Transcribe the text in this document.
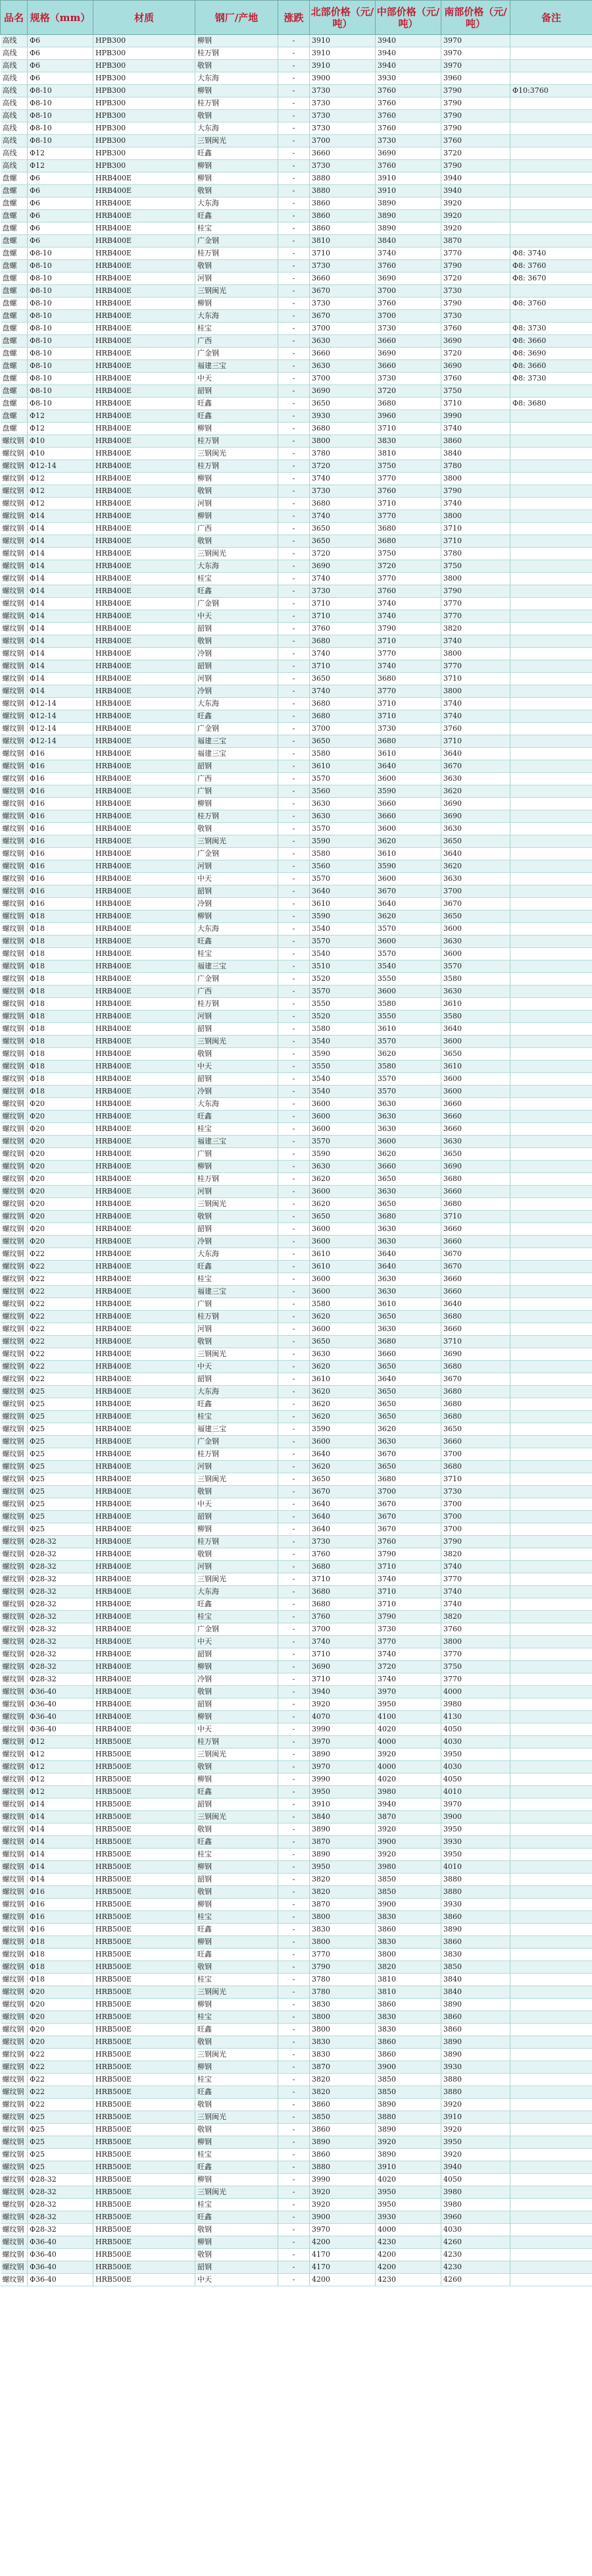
品名	规格（mm）	材质	钢厂/产地	涨跌	北部价格（元/吨）	中部价格（元/吨）	南部价格（元/吨）	备注
高线	Φ6	HPB300	柳钢	-	3910	3940	3970	
高线	Φ6	HPB300	桂万钢	-	3910	3940	3970	
高线	Φ6	HPB300	敬钢	-	3910	3940	3970	
高线	Φ6	HPB300	大东海	-	3900	3930	3960	
高线	Φ8-10	HPB300	柳钢	-	3730	3760	3790	Φ10:3760
高线	Φ8-10	HPB300	桂万钢	-	3730	3760	3790	
高线	Φ8-10	HPB300	敬钢	-	3730	3760	3790	
高线	Φ8-10	HPB300	大东海	-	3730	3760	3790	
高线	Φ8-10	HPB300	三钢闽光	-	3700	3730	3760	
高线	Φ12	HPB300	旺鑫	-	3660	3690	3720	
高线	Φ12	HPB300	柳钢	-	3730	3760	3790	
盘螺	Φ6	HRB400E	柳钢	-	3880	3910	3940	
盘螺	Φ6	HRB400E	敬钢	-	3880	3910	3940	
盘螺	Φ6	HRB400E	大东海	-	3860	3890	3920	
盘螺	Φ6	HRB400E	旺鑫	-	3860	3890	3920	
盘螺	Φ6	HRB400E	桂宝	-	3860	3890	3920	
盘螺	Φ6	HRB400E	广金钢	-	3810	3840	3870	
盘螺	Φ8-10	HRB400E	桂万钢	-	3710	3740	3770	Φ8: 3740
盘螺	Φ8-10	HRB400E	敬钢	-	3730	3760	3790	Φ8: 3760
盘螺	Φ8-10	HRB400E	河钢	-	3660	3690	3720	Φ8: 3670
盘螺	Φ8-10	HRB400E	三钢闽光	-	3670	3700	3730	
盘螺	Φ8-10	HRB400E	柳钢	-	3730	3760	3790	Φ8: 3760
盘螺	Φ8-10	HRB400E	大东海	-	3670	3700	3730	
盘螺	Φ8-10	HRB400E	桂宝	-	3700	3730	3760	Φ8: 3730
盘螺	Φ8-10	HRB400E	广西	-	3630	3660	3690	Φ8: 3660
盘螺	Φ8-10	HRB400E	广金钢	-	3660	3690	3720	Φ8: 3690
盘螺	Φ8-10	HRB400E	福建三宝	-	3630	3660	3690	Φ8: 3660
盘螺	Φ8-10	HRB400E	中天	-	3700	3730	3760	Φ8: 3730
盘螺	Φ8-10	HRB400E	韶钢	-	3690	3720	3750	
盘螺	Φ8-10	HRB400E	旺鑫	-	3650	3680	3710	Φ8: 3680
盘螺	Φ12	HRB400E	旺鑫	-	3930	3960	3990	
盘螺	Φ12	HRB400E	柳钢	-	3680	3710	3740	
螺纹钢	Φ10	HRB400E	桂万钢	-	3800	3830	3860	
螺纹钢	Φ10	HRB400E	三钢闽光	-	3780	3810	3840	
螺纹钢	Φ12-14	HRB400E	桂万钢	-	3720	3750	3780	
螺纹钢	Φ12	HRB400E	柳钢	-	3740	3770	3800	
螺纹钢	Φ12	HRB400E	敬钢	-	3730	3760	3790	
螺纹钢	Φ12	HRB400E	河钢	-	3680	3710	3740	
螺纹钢	Φ14	HRB400E	柳钢	-	3740	3770	3800	
螺纹钢	Φ14	HRB400E	广西	-	3650	3680	3710	
螺纹钢	Φ14	HRB400E	敬钢	-	3650	3680	3710	
螺纹钢	Φ14	HRB400E	三钢闽光	-	3720	3750	3780	
螺纹钢	Φ14	HRB400E	大东海	-	3690	3720	3750	
螺纹钢	Φ14	HRB400E	桂宝	-	3740	3770	3800	
螺纹钢	Φ14	HRB400E	旺鑫	-	3730	3760	3790	
螺纹钢	Φ14	HRB400E	广金钢	-	3710	3740	3770	
螺纹钢	Φ14	HRB400E	中天	-	3710	3740	3770	
螺纹钢	Φ14	HRB400E	韶钢	-	3760	3790	3820	
螺纹钢	Φ14	HRB400E	敬钢	-	3680	3710	3740	
螺纹钢	Φ14	HRB400E	冷钢	-	3740	3770	3800	
螺纹钢	Φ14	HRB400E	韶钢	-	3710	3740	3770	
螺纹钢	Φ14	HRB400E	河钢	-	3650	3680	3710	
螺纹钢	Φ14	HRB400E	冷钢	-	3740	3770	3800	
螺纹钢	Φ12-14	HRB400E	大东海	-	3680	3710	3740	
螺纹钢	Φ12-14	HRB400E	旺鑫	-	3680	3710	3740	
螺纹钢	Φ12-14	HRB400E	广金钢	-	3700	3730	3760	
螺纹钢	Φ12-14	HRB400E	福建三宝	-	3650	3680	3710	
螺纹钢	Φ16	HRB400E	福建三宝	-	3580	3610	3640	
螺纹钢	Φ16	HRB400E	韶钢	-	3610	3640	3670	
螺纹钢	Φ16	HRB400E	广西	-	3570	3600	3630	
螺纹钢	Φ16	HRB400E	广钢	-	3560	3590	3620	
螺纹钢	Φ16	HRB400E	柳钢	-	3630	3660	3690	
螺纹钢	Φ16	HRB400E	桂万钢	-	3630	3660	3690	
螺纹钢	Φ16	HRB400E	敬钢	-	3570	3600	3630	
螺纹钢	Φ16	HRB400E	三钢闽光	-	3590	3620	3650	
螺纹钢	Φ16	HRB400E	广金钢	-	3580	3610	3640	
螺纹钢	Φ16	HRB400E	河钢	-	3560	3590	3620	
螺纹钢	Φ16	HRB400E	中天	-	3570	3600	3630	
螺纹钢	Φ16	HRB400E	韶钢	-	3640	3670	3700	
螺纹钢	Φ16	HRB400E	冷钢	-	3610	3640	3670	
螺纹钢	Φ18	HRB400E	柳钢	-	3590	3620	3650	
螺纹钢	Φ18	HRB400E	大东海	-	3540	3570	3600	
螺纹钢	Φ18	HRB400E	旺鑫	-	3570	3600	3630	
螺纹钢	Φ18	HRB400E	桂宝	-	3540	3570	3600	
螺纹钢	Φ18	HRB400E	福建三宝	-	3510	3540	3570	
螺纹钢	Φ18	HRB400E	广金钢	-	3520	3550	3580	
螺纹钢	Φ18	HRB400E	广西	-	3570	3600	3630	
螺纹钢	Φ18	HRB400E	桂万钢	-	3550	3580	3610	
螺纹钢	Φ18	HRB400E	河钢	-	3520	3550	3580	
螺纹钢	Φ18	HRB400E	韶钢	-	3580	3610	3640	
螺纹钢	Φ18	HRB400E	三钢闽光	-	3540	3570	3600	
螺纹钢	Φ18	HRB400E	敬钢	-	3590	3620	3650	
螺纹钢	Φ18	HRB400E	中天	-	3550	3580	3610	
螺纹钢	Φ18	HRB400E	韶钢	-	3540	3570	3600	
螺纹钢	Φ18	HRB400E	冷钢	-	3540	3570	3600	
螺纹钢	Φ20	HRB400E	大东海	-	3600	3630	3660	
螺纹钢	Φ20	HRB400E	旺鑫	-	3600	3630	3660	
螺纹钢	Φ20	HRB400E	桂宝	-	3600	3630	3660	
螺纹钢	Φ20	HRB400E	福建三宝	-	3570	3600	3630	
螺纹钢	Φ20	HRB400E	广钢	-	3590	3620	3650	
螺纹钢	Φ20	HRB400E	柳钢	-	3630	3660	3690	
螺纹钢	Φ20	HRB400E	桂万钢	-	3620	3650	3680	
螺纹钢	Φ20	HRB400E	河钢	-	3600	3630	3660	
螺纹钢	Φ20	HRB400E	三钢闽光	-	3620	3650	3680	
螺纹钢	Φ20	HRB400E	敬钢	-	3650	3680	3710	
螺纹钢	Φ20	HRB400E	韶钢	-	3600	3630	3660	
螺纹钢	Φ20	HRB400E	冷钢	-	3600	3630	3660	
螺纹钢	Φ22	HRB400E	大东海	-	3610	3640	3670	
螺纹钢	Φ22	HRB400E	旺鑫	-	3610	3640	3670	
螺纹钢	Φ22	HRB400E	桂宝	-	3600	3630	3660	
螺纹钢	Φ22	HRB400E	福建三宝	-	3600	3630	3660	
螺纹钢	Φ22	HRB400E	广钢	-	3580	3610	3640	
螺纹钢	Φ22	HRB400E	桂万钢	-	3620	3650	3680	
螺纹钢	Φ22	HRB400E	河钢	-	3600	3630	3660	
螺纹钢	Φ22	HRB400E	敬钢	-	3650	3680	3710	
螺纹钢	Φ22	HRB400E	三钢闽光	-	3630	3660	3690	
螺纹钢	Φ22	HRB400E	中天	-	3620	3650	3680	
螺纹钢	Φ22	HRB400E	韶钢	-	3610	3640	3670	
螺纹钢	Φ25	HRB400E	大东海	-	3620	3650	3680	
螺纹钢	Φ25	HRB400E	旺鑫	-	3620	3650	3680	
螺纹钢	Φ25	HRB400E	桂宝	-	3620	3650	3680	
螺纹钢	Φ25	HRB400E	福建三宝	-	3590	3620	3650	
螺纹钢	Φ25	HRB400E	广金钢	-	3600	3630	3660	
螺纹钢	Φ25	HRB400E	桂万钢	-	3640	3670	3700	
螺纹钢	Φ25	HRB400E	河钢	-	3620	3650	3680	
螺纹钢	Φ25	HRB400E	三钢闽光	-	3650	3680	3710	
螺纹钢	Φ25	HRB400E	敬钢	-	3670	3700	3730	
螺纹钢	Φ25	HRB400E	中天	-	3640	3670	3700	
螺纹钢	Φ25	HRB400E	韶钢	-	3640	3670	3700	
螺纹钢	Φ25	HRB400E	柳钢	-	3640	3670	3700	
螺纹钢	Φ28-32	HRB400E	桂万钢	-	3730	3760	3790	
螺纹钢	Φ28-32	HRB400E	敬钢	-	3760	3790	3820	
螺纹钢	Φ28-32	HRB400E	河钢	-	3680	3710	3740	
螺纹钢	Φ28-32	HRB400E	三钢闽光	-	3710	3740	3770	
螺纹钢	Φ28-32	HRB400E	大东海	-	3680	3710	3740	
螺纹钢	Φ28-32	HRB400E	旺鑫	-	3680	3710	3740	
螺纹钢	Φ28-32	HRB400E	桂宝	-	3760	3790	3820	
螺纹钢	Φ28-32	HRB400E	广金钢	-	3700	3730	3760	
螺纹钢	Φ28-32	HRB400E	中天	-	3740	3770	3800	
螺纹钢	Φ28-32	HRB400E	韶钢	-	3710	3740	3770	
螺纹钢	Φ28-32	HRB400E	柳钢	-	3690	3720	3750	
螺纹钢	Φ28-32	HRB400E	冷钢	-	3710	3740	3770	
螺纹钢	Φ36-40	HRB400E	敬钢	-	3940	3970	4000	
螺纹钢	Φ36-40	HRB400E	韶钢	-	3920	3950	3980	
螺纹钢	Φ36-40	HRB400E	柳钢	-	4070	4100	4130	
螺纹钢	Φ36-40	HRB400E	中天	-	3990	4020	4050	
螺纹钢	Φ12	HRB500E	桂万钢	-	3970	4000	4030	
螺纹钢	Φ12	HRB500E	三钢闽光	-	3890	3920	3950	
螺纹钢	Φ12	HRB500E	敬钢	-	3970	4000	4030	
螺纹钢	Φ12	HRB500E	柳钢	-	3990	4020	4050	
螺纹钢	Φ12	HRB500E	旺鑫	-	3950	3980	4010	
螺纹钢	Φ14	HRB500E	韶钢	-	3910	3940	3970	
螺纹钢	Φ14	HRB500E	三钢闽光	-	3840	3870	3900	
螺纹钢	Φ14	HRB500E	敬钢	-	3890	3920	3950	
螺纹钢	Φ14	HRB500E	旺鑫	-	3870	3900	3930	
螺纹钢	Φ14	HRB500E	桂宝	-	3890	3920	3950	
螺纹钢	Φ14	HRB500E	柳钢	-	3950	3980	4010	
螺纹钢	Φ14	HRB500E	韶钢	-	3820	3850	3880	
螺纹钢	Φ16	HRB500E	敬钢	-	3820	3850	3880	
螺纹钢	Φ16	HRB500E	柳钢	-	3870	3900	3930	
螺纹钢	Φ16	HRB500E	桂宝	-	3800	3830	3860	
螺纹钢	Φ16	HRB500E	旺鑫	-	3830	3860	3890	
螺纹钢	Φ18	HRB500E	柳钢	-	3800	3830	3860	
螺纹钢	Φ18	HRB500E	旺鑫	-	3770	3800	3830	
螺纹钢	Φ18	HRB500E	敬钢	-	3790	3820	3850	
螺纹钢	Φ18	HRB500E	桂宝	-	3780	3810	3840	
螺纹钢	Φ20	HRB500E	三钢闽光	-	3780	3810	3840	
螺纹钢	Φ20	HRB500E	柳钢	-	3830	3860	3890	
螺纹钢	Φ20	HRB500E	桂宝	-	3800	3830	3860	
螺纹钢	Φ20	HRB500E	旺鑫	-	3800	3830	3860	
螺纹钢	Φ20	HRB500E	敬钢	-	3830	3860	3890	
螺纹钢	Φ22	HRB500E	三钢闽光	-	3830	3860	3890	
螺纹钢	Φ22	HRB500E	柳钢	-	3870	3900	3930	
螺纹钢	Φ22	HRB500E	桂宝	-	3820	3850	3880	
螺纹钢	Φ22	HRB500E	旺鑫	-	3820	3850	3880	
螺纹钢	Φ22	HRB500E	敬钢	-	3860	3890	3920	
螺纹钢	Φ25	HRB500E	三钢闽光	-	3850	3880	3910	
螺纹钢	Φ25	HRB500E	敬钢	-	3860	3890	3920	
螺纹钢	Φ25	HRB500E	柳钢	-	3890	3920	3950	
螺纹钢	Φ25	HRB500E	桂宝	-	3860	3890	3920	
螺纹钢	Φ25	HRB500E	旺鑫	-	3880	3910	3940	
螺纹钢	Φ28-32	HRB500E	柳钢	-	3990	4020	4050	
螺纹钢	Φ28-32	HRB500E	三钢闽光	-	3920	3950	3980	
螺纹钢	Φ28-32	HRB500E	桂宝	-	3920	3950	3980	
螺纹钢	Φ28-32	HRB500E	旺鑫	-	3900	3930	3960	
螺纹钢	Φ28-32	HRB500E	敬钢	-	3970	4000	4030	
螺纹钢	Φ36-40	HRB500E	柳钢	-	4200	4230	4260	
螺纹钢	Φ36-40	HRB500E	敬钢	-	4170	4200	4230	
螺纹钢	Φ36-40	HRB500E	韶钢	-	4170	4200	4230	
螺纹钢	Φ36-40	HRB500E	中天	-	4200	4230	4260	
